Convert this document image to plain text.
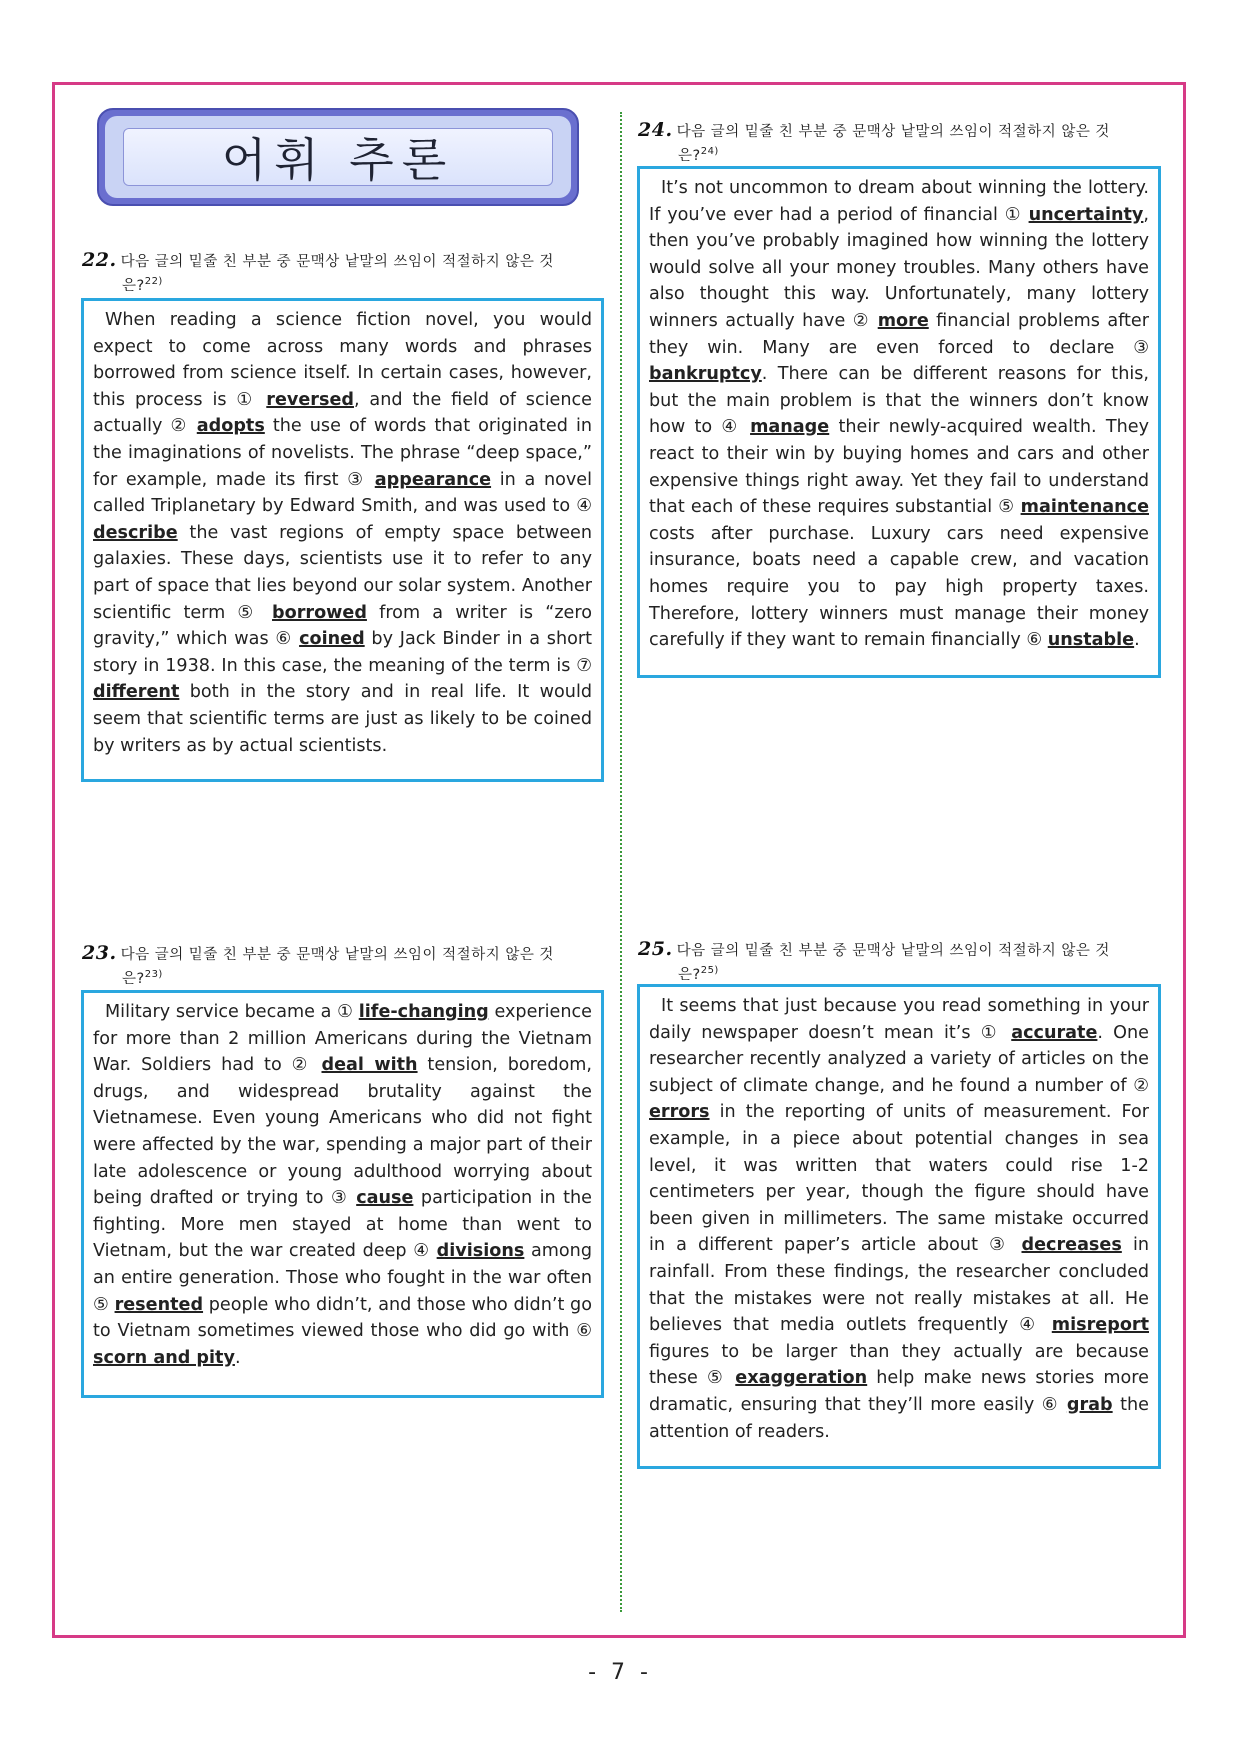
어휘 추론
22. 다음 글의 밑줄 친 부분 중 문맥상 낱말의 쓰임이 적절하지 않은 것
은?$^{22)}$

When reading a science fiction novel, you would expect to come across many words and phrases borrowed from science itself. In certain cases, however, this process is ① reversed, and the field of science actually ② adopts the use of words that originated in the imaginations of novelists. The phrase “deep space,” for example, made its first ③ appearance in a novel called Triplanetary by Edward Smith, and was used to ④ describe the vast regions of empty space between galaxies. These days, scientists use it to refer to any part of space that lies beyond our solar system. Another scientific term ⑤ borrowed from a writer is “zero gravity,” which was ⑥ coined by Jack Binder in a short story in 1938. In this case, the meaning of the term is ⑦ different both in the story and in real life. It would seem that scientific terms are just as likely to be coined by writers as by actual scientists.

23. 다음 글의 밑줄 친 부분 중 문맥상 낱말의 쓰임이 적절하지 않은 것
은?$^{23)}$

Military service became a ① life-changing experience for more than 2 million Americans during the Vietnam War. Soldiers had to ② deal with tension, boredom, drugs, and widespread brutality against the Vietnamese. Even young Americans who did not fight were affected by the war, spending a major part of their late adolescence or young adulthood worrying about being drafted or trying to ③ cause participation in the fighting. More men stayed at home than went to Vietnam, but the war created deep ④ divisions among an entire generation. Those who fought in the war often ⑤ resented people who didn’t, and those who didn’t go to Vietnam sometimes viewed those who did go with ⑥ scorn and pity.

24. 다음 글의 밑줄 친 부분 중 문맥상 낱말의 쓰임이 적절하지 않은 것
은?$^{24)}$

It’s not uncommon to dream about winning the lottery. If you’ve ever had a period of financial ① uncertainty, then you’ve probably imagined how winning the lottery would solve all your money troubles. Many others have also thought this way. Unfortunately, many lottery winners actually have ② more financial problems after they win. Many are even forced to declare ③ bankruptcy. There can be different reasons for this, but the main problem is that the winners don’t know how to ④ manage their newly-acquired wealth. They react to their win by buying homes and cars and other expensive things right away. Yet they fail to understand that each of these requires substantial ⑤ maintenance costs after purchase. Luxury cars need expensive insurance, boats need a capable crew, and vacation homes require you to pay high property taxes. Therefore, lottery winners must manage their money carefully if they want to remain financially ⑥ unstable.

25. 다음 글의 밑줄 친 부분 중 문맥상 낱말의 쓰임이 적절하지 않은 것
은?$^{25)}$

It seems that just because you read something in your daily newspaper doesn’t mean it’s ① accurate. One researcher recently analyzed a variety of articles on the subject of climate change, and he found a number of ② errors in the reporting of units of measurement. For example, in a piece about potential changes in sea level, it was written that waters could rise 1-2 centimeters per year, though the figure should have been given in millimeters. The same mistake occurred in a different paper’s article about ③ decreases in rainfall. From these findings, the researcher concluded that the mistakes were not really mistakes at all. He believes that media outlets frequently ④ misreport figures to be larger than they actually are because these ⑤ exaggeration help make news stories more dramatic, ensuring that they’ll more easily ⑥ grab the attention of readers.

- 7 -
